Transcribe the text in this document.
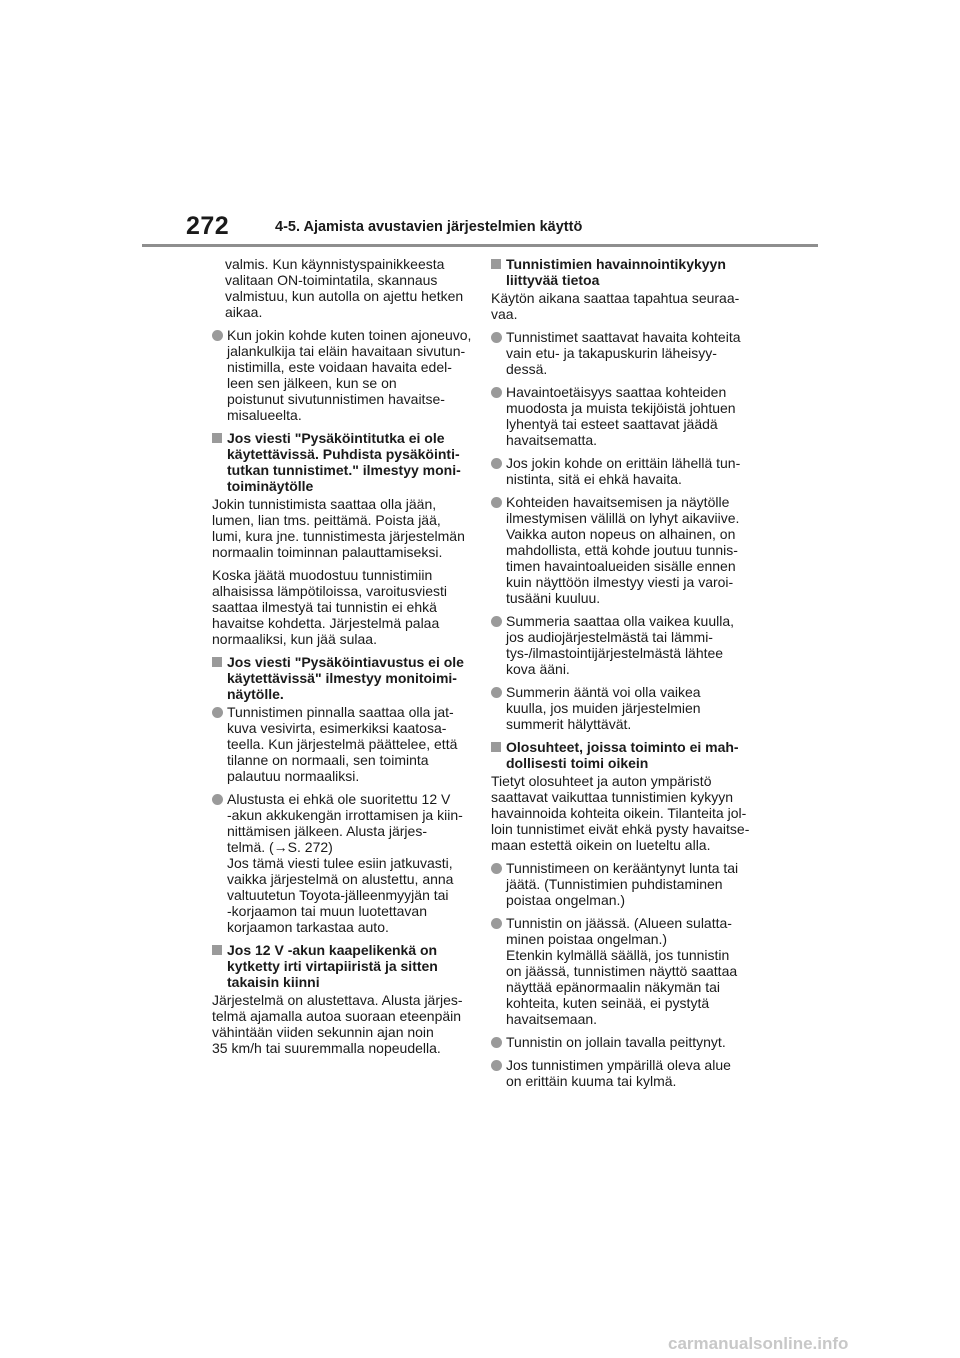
272	4-5. Ajamista avustavien järjestelmien käyttö
valmis. Kun käynnistyspainikkeesta
valitaan ON-toimintatila, skannaus
valmistuu, kun autolla on ajettu hetken
aikaa.
Kun jokin kohde kuten toinen ajoneuvo,
jalankulkija tai eläin havaitaan sivutun-
nistimilla, este voidaan havaita edel-
leen sen jälkeen, kun se on
poistunut sivutunnistimen havaitse-
misalueelta.
Jos viesti "Pysäköintitutka ei ole
käytettävissä. Puhdista pysäköinti-
tutkan tunnistimet." ilmestyy moni-
toiminäytölle
Jokin tunnistimista saattaa olla jään,
lumen, lian tms. peittämä. Poista jää,
lumi, kura jne. tunnistimesta järjestelmän
normaalin toiminnan palauttamiseksi.
Koska jäätä muodostuu tunnistimiin
alhaisissa lämpötiloissa, varoitusviesti
saattaa ilmestyä tai tunnistin ei ehkä
havaitse kohdetta. Järjestelmä palaa
normaaliksi, kun jää sulaa.
Jos viesti "Pysäköintiavustus ei ole
käytettävissä" ilmestyy monitoimi-
näytölle.
Tunnistimen pinnalla saattaa olla jat-
kuva vesivirta, esimerkiksi kaatosa-
teella. Kun järjestelmä päättelee, että
tilanne on normaali, sen toiminta
palautuu normaaliksi.
Alustusta ei ehkä ole suoritettu 12 V
-akun akkukengän irrottamisen ja kiin-
nittämisen jälkeen. Alusta järjes-
telmä. (→S. 272)
Jos tämä viesti tulee esiin jatkuvasti,
vaikka järjestelmä on alustettu, anna
valtuutetun Toyota-jälleenmyyjän tai
-korjaamon tai muun luotettavan
korjaamon tarkastaa auto.
Jos 12 V -akun kaapelikenkä on
kytketty irti virtapiiristä ja sitten
takaisin kiinni
Järjestelmä on alustettava. Alusta järjes-
telmä ajamalla autoa suoraan eteenpäin
vähintään viiden sekunnin ajan noin
35 km/h tai suuremmalla nopeudella.
Tunnistimien havainnointikykyyn
liittyvää tietoa
Käytön aikana saattaa tapahtua seuraa-
vaa.
Tunnistimet saattavat havaita kohteita
vain etu- ja takapuskurin läheisyy-
dessä.
Havaintoetäisyys saattaa kohteiden
muodosta ja muista tekijöistä johtuen
lyhentyä tai esteet saattavat jäädä
havaitsematta.
Jos jokin kohde on erittäin lähellä tun-
nistinta, sitä ei ehkä havaita.
Kohteiden havaitsemisen ja näytölle
ilmestymisen välillä on lyhyt aikaviive.
Vaikka auton nopeus on alhainen, on
mahdollista, että kohde joutuu tunnis-
timen havaintoalueiden sisälle ennen
kuin näyttöön ilmestyy viesti ja varoi-
tusääni kuuluu.
Summeria saattaa olla vaikea kuulla,
jos audiojärjestelmästä tai lämmi-
tys-/ilmastointijärjestelmästä lähtee
kova ääni.
Summerin ääntä voi olla vaikea
kuulla, jos muiden järjestelmien
summerit hälyttävät.
Olosuhteet, joissa toiminto ei mah-
dollisesti toimi oikein
Tietyt olosuhteet ja auton ympäristö
saattavat vaikuttaa tunnistimien kykyyn
havainnoida kohteita oikein. Tilanteita jol-
loin tunnistimet eivät ehkä pysty havaitse-
maan estettä oikein on lueteltu alla.
Tunnistimeen on kerääntynyt lunta tai
jäätä. (Tunnistimien puhdistaminen
poistaa ongelman.)
Tunnistin on jäässä. (Alueen sulatta-
minen poistaa ongelman.)
Etenkin kylmällä säällä, jos tunnistin
on jäässä, tunnistimen näyttö saattaa
näyttää epänormaalin näkymän tai
kohteita, kuten seinää, ei pystytä
havaitsemaan.
Tunnistin on jollain tavalla peittynyt.
Jos tunnistimen ympärillä oleva alue
on erittäin kuuma tai kylmä.
carmanualsonline.info
